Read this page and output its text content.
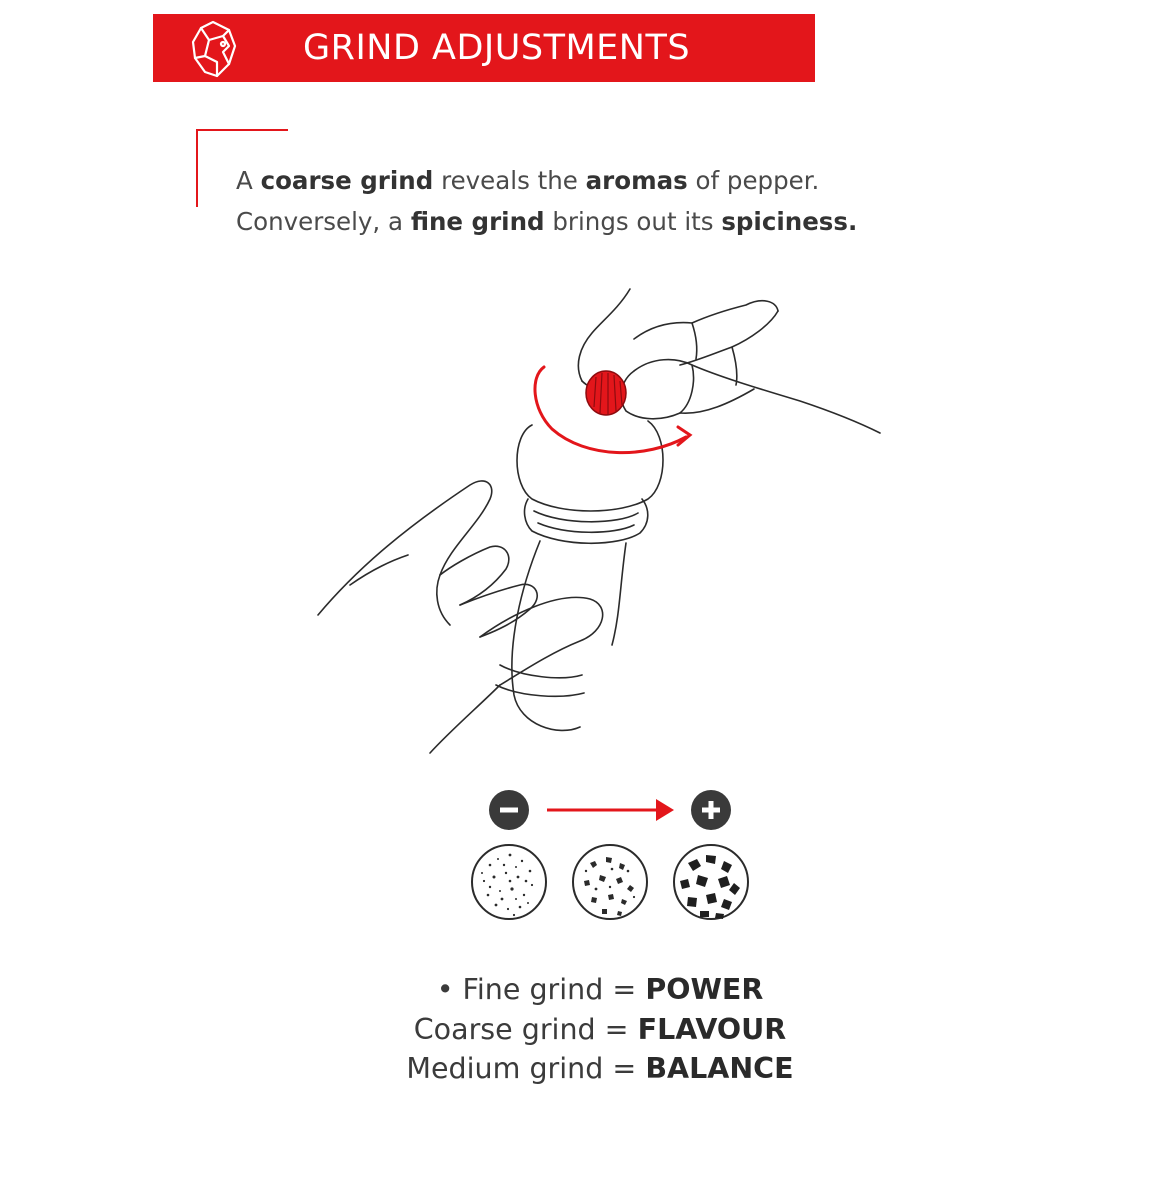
GRIND ADJUSTMENTS
A coarse grind reveals the aromas of pepper.
Conversely, a fine grind brings out its spiciness.
• Fine grind = POWER
Coarse grind = FLAVOUR
Medium grind = BALANCE
